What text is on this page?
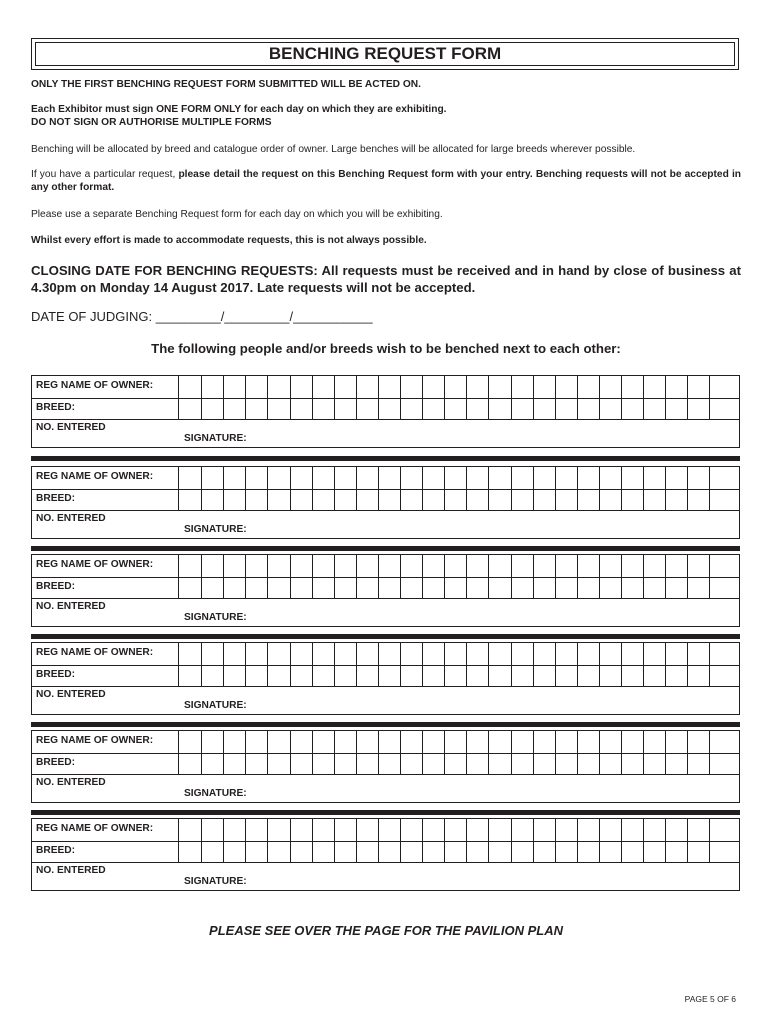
BENCHING REQUEST FORM
ONLY THE FIRST BENCHING REQUEST FORM SUBMITTED WILL BE ACTED ON.
Each Exhibitor must sign ONE FORM ONLY for each day on which they are exhibiting.
DO NOT SIGN OR AUTHORISE MULTIPLE FORMS
Benching will be allocated by breed and catalogue order of owner. Large benches will be allocated for large breeds wherever possible.
If you have a particular request, please detail the request on this Benching Request form with your entry. Benching requests will not be accepted in any other format.
Please use a separate Benching Request form for each day on which you will be exhibiting.
Whilst every effort is made to accommodate requests, this is not always possible.
CLOSING DATE FOR BENCHING REQUESTS: All requests must be received and in hand by close of business at 4.30pm on Monday 14 August 2017. Late requests will not be accepted.
DATE OF JUDGING: _________/_________/___________
The following people and/or breeds wish to be benched next to each other:
REG NAME OF OWNER:
BREED:
NO. ENTERED
SIGNATURE:
REG NAME OF OWNER:
BREED:
NO. ENTERED
SIGNATURE:
REG NAME OF OWNER:
BREED:
NO. ENTERED
SIGNATURE:
REG NAME OF OWNER:
BREED:
NO. ENTERED
SIGNATURE:
REG NAME OF OWNER:
BREED:
NO. ENTERED
SIGNATURE:
REG NAME OF OWNER:
BREED:
NO. ENTERED
SIGNATURE:
PLEASE SEE OVER THE PAGE FOR THE PAVILION PLAN
PAGE 5 OF 6
